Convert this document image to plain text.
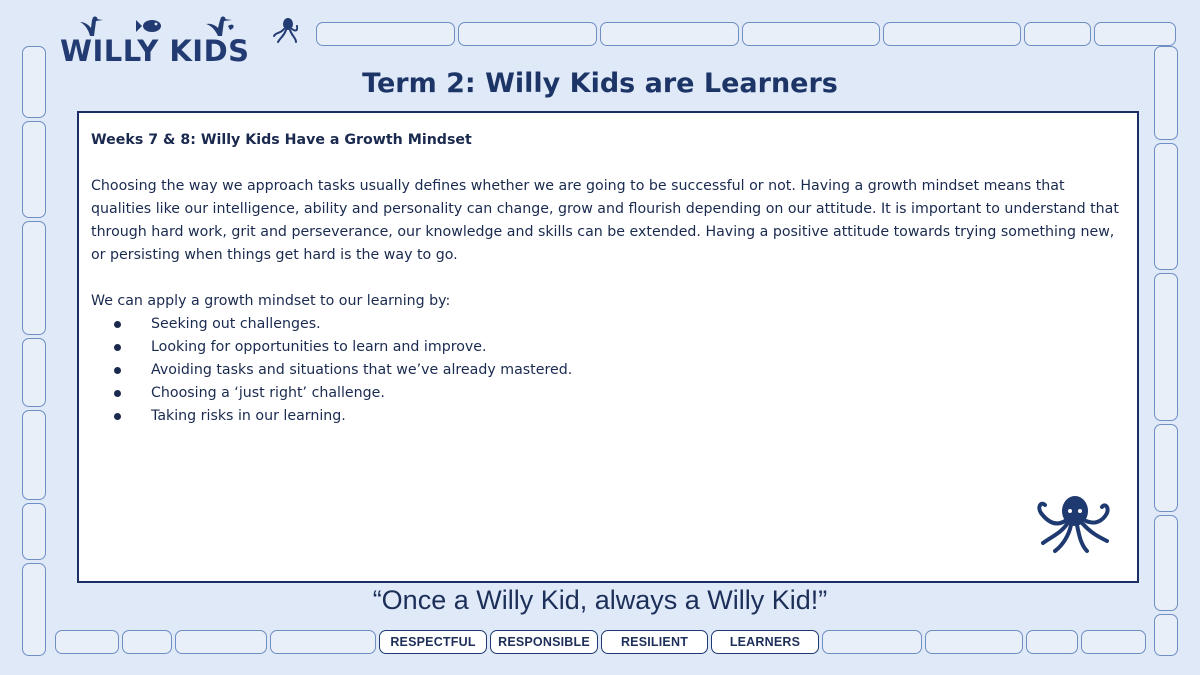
RESPECTFUL	RESPONSIBLE	RESILIENT	LEARNERS
WILLY KIDS
Term 2: Willy Kids are Learners

Weeks 7 & 8: Willy Kids Have a Growth Mindset

Choosing the way we approach tasks usually defines whether we are going to be successful or not. Having a growth mindset means that qualities like our intelligence, ability and personality can change, grow and flourish depending on our attitude. It is important to understand that through hard work, grit and perseverance, our knowledge and skills can be extended. Having a positive attitude towards trying something new, or persisting when things get hard is the way to go.

We can apply a growth mindset to our learning by:

Seeking out challenges.
Looking for opportunities to learn and improve.
Avoiding tasks and situations that we’ve already mastered.
Choosing a ‘just right’ challenge.
Taking risks in our learning.

“Once a Willy Kid, always a Willy Kid!”
